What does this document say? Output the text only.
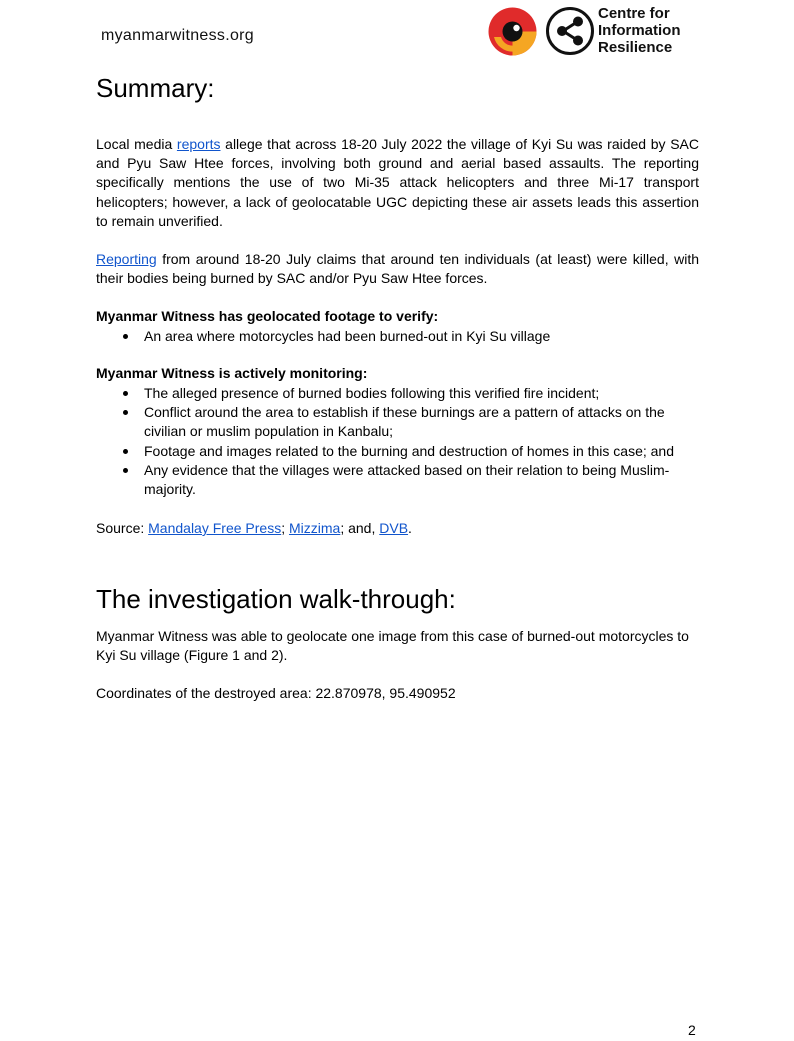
myanmarwitness.org
Centre for
Information
Resilience
Summary:

Local media reports allege that across 18-20 July 2022 the village of Kyi Su was raided by SAC and Pyu Saw Htee forces, involving both ground and aerial based assaults. The reporting specifically mentions the use of two Mi-35 attack helicopters and three Mi-17 transport helicopters; however, a lack of geolocatable UGC depicting these air assets leads this assertion to remain unverified.

Reporting from around 18-20 July claims that around ten individuals (at least) were killed, with their bodies being burned by SAC and/or Pyu Saw Htee forces.

Myanmar Witness has geolocated footage to verify:
An area where motorcycles had been burned-out in Kyi Su village
Myanmar Witness is actively monitoring:
The alleged presence of burned bodies following this verified fire incident;
Conflict around the area to establish if these burnings are a pattern of attacks on the civilian or muslim population in Kanbalu;
Footage and images related to the burning and destruction of homes in this case; and
Any evidence that the villages were attacked based on their relation to being Muslim-majority.

Source: Mandalay Free Press; Mizzima; and, DVB.

The investigation walk-through:

Myanmar Witness was able to geolocate one image from this case of burned-out motorcycles to Kyi Su village (Figure 1 and 2).

Coordinates of the destroyed area: 22.870978, 95.490952

2
